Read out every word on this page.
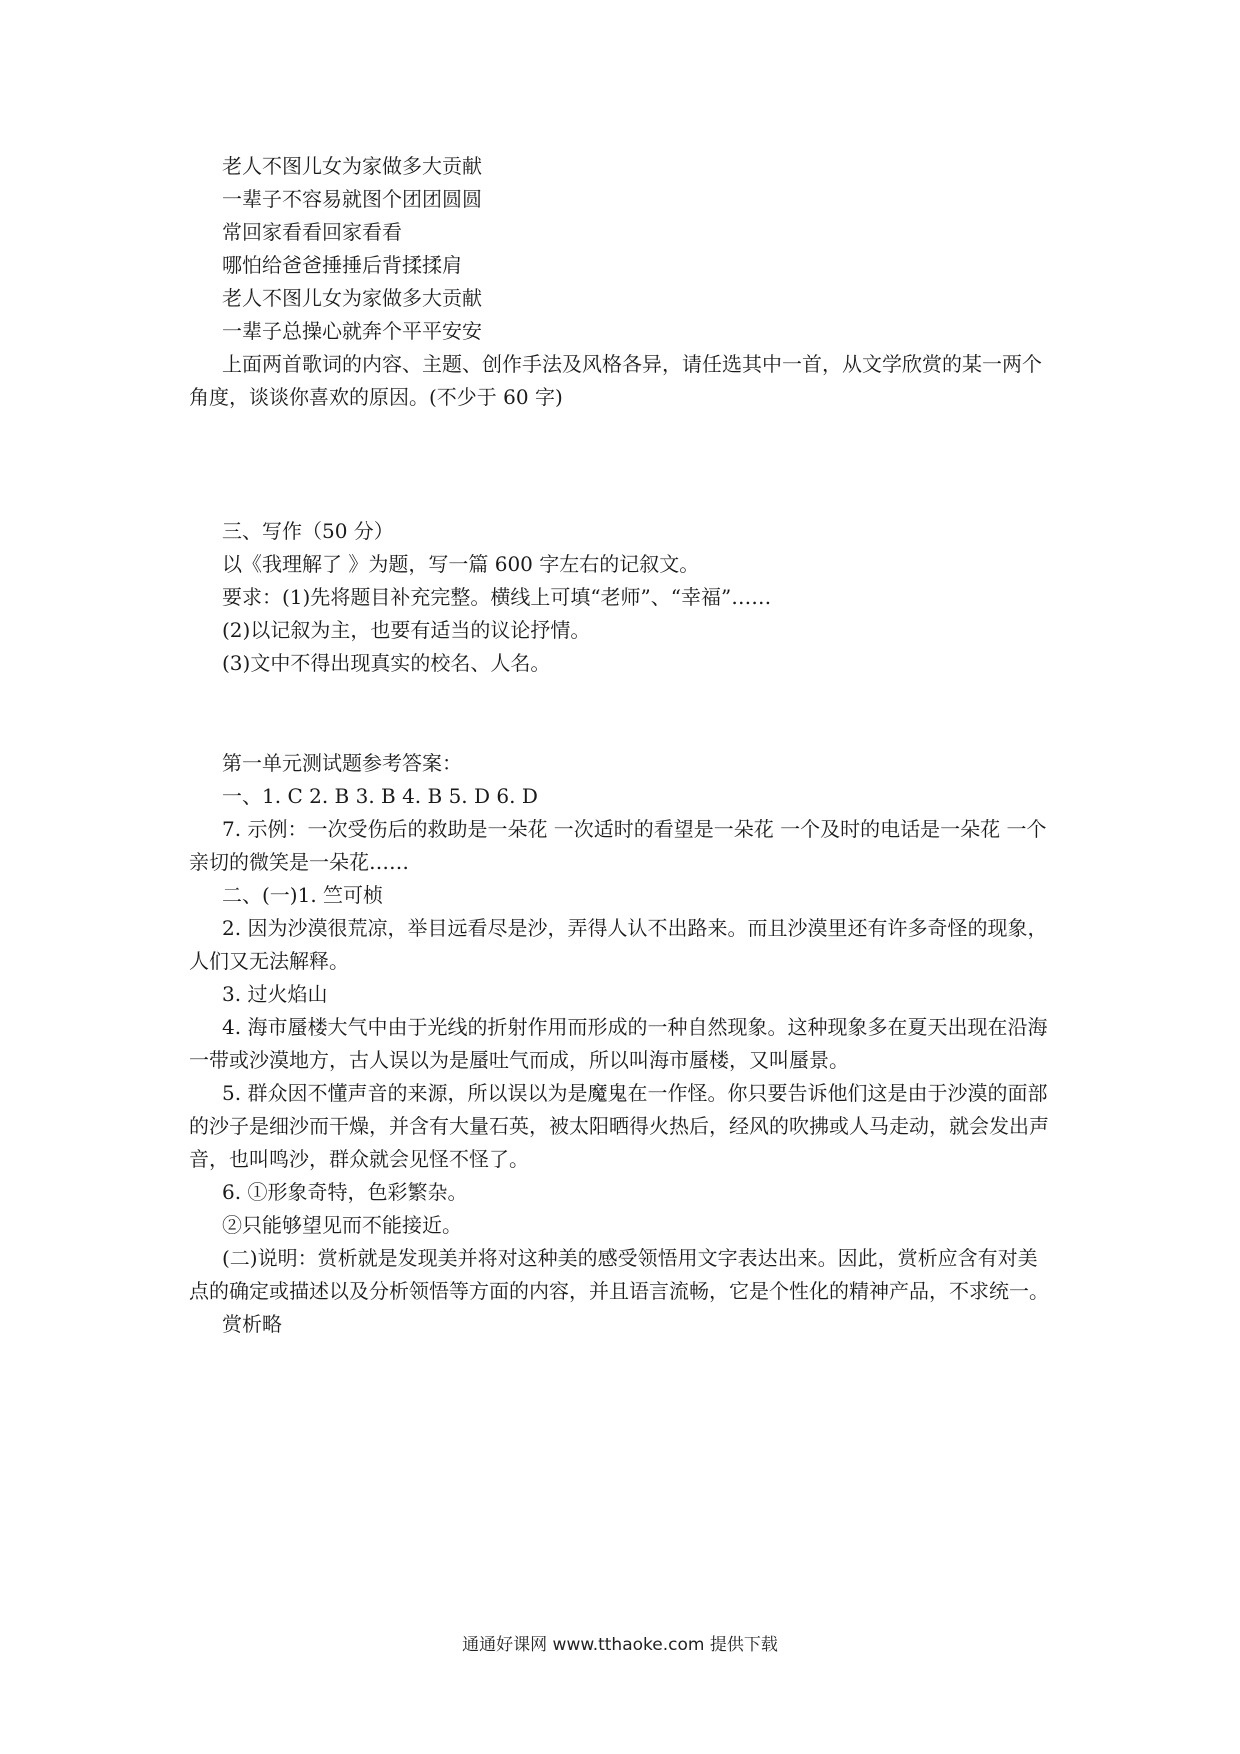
老人不图儿女为家做多大贡献

一辈子不容易就图个团团圆圆

常回家看看回家看看

哪怕给爸爸捶捶后背揉揉肩

老人不图儿女为家做多大贡献

一辈子总操心就奔个平平安安

上面两首歌词的内容、主题、创作手法及风格各异，请任选其中一首，从文学欣赏的某一两个角度，谈谈你喜欢的原因。(不少于 60 字)

三、写作（50 分）

以《我理解了 》为题，写一篇 600 字左右的记叙文。

要求：(1)先将题目补充完整。横线上可填“老师”、“幸福”……

(2)以记叙为主，也要有适当的议论抒情。

(3)文中不得出现真实的校名、人名。

第一单元测试题参考答案：

一、1. C 2. B 3. B 4. B 5. D 6. D

7. 示例：一次受伤后的救助是一朵花 一次适时的看望是一朵花 一个及时的电话是一朵花 一个亲切的微笑是一朵花……

二、(一)1. 竺可桢

2. 因为沙漠很荒凉，举目远看尽是沙，弄得人认不出路来。而且沙漠里还有许多奇怪的现象，人们又无法解释。

3. 过火焰山

4. 海市蜃楼大气中由于光线的折射作用而形成的一种自然现象。这种现象多在夏天出现在沿海一带或沙漠地方，古人误以为是蜃吐气而成，所以叫海市蜃楼，又叫蜃景。

5. 群众因不懂声音的来源，所以误以为是魔鬼在一作怪。你只要告诉他们这是由于沙漠的面部的沙子是细沙而干燥，并含有大量石英，被太阳晒得火热后，经风的吹拂或人马走动，就会发出声音，也叫鸣沙，群众就会见怪不怪了。

6. ①形象奇特，色彩繁杂。

②只能够望见而不能接近。

(二)说明：赏析就是发现美并将对这种美的感受领悟用文字表达出来。因此，赏析应含有对美点的确定或描述以及分析领悟等方面的内容，并且语言流畅，它是个性化的精神产品，不求统一。

赏析略

通通好课网 www.tthaoke.com 提供下载
